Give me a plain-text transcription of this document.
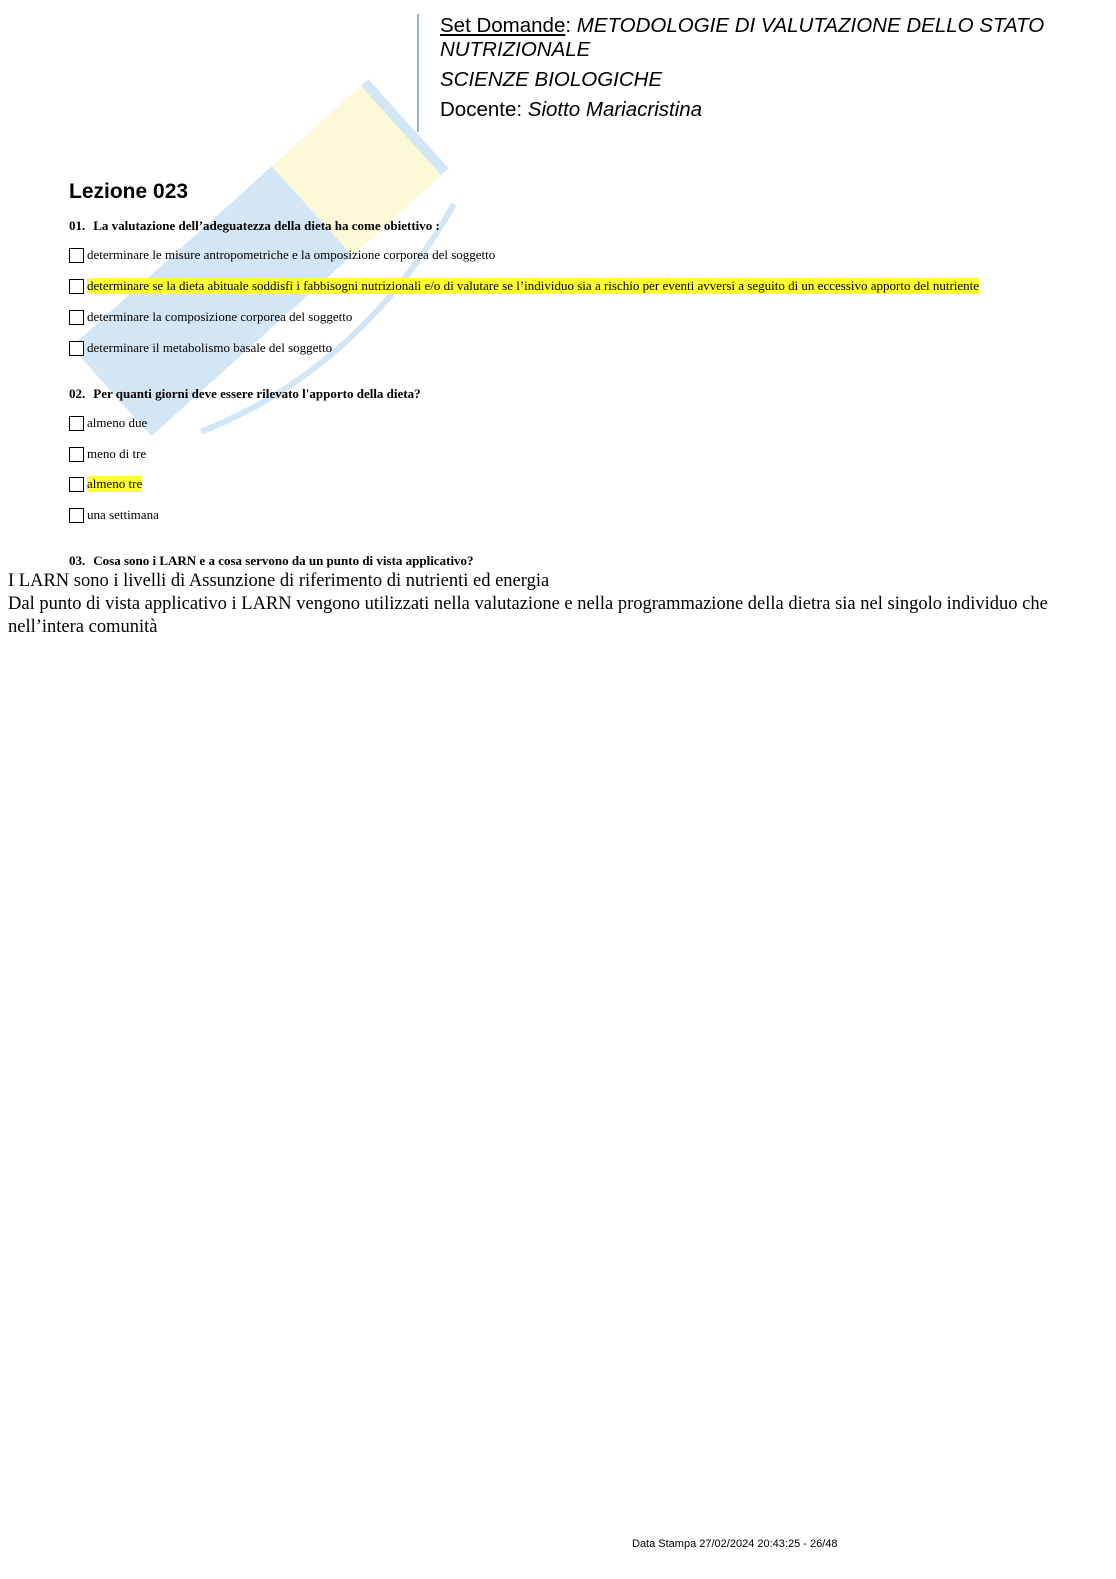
Set Domande: METODOLOGIE DI VALUTAZIONE DELLO STATO

NUTRIZIONALE

SCIENZE BIOLOGICHE

Docente: Siotto Mariacristina

Lezione 023
01. La valutazione dell’adeguatezza della dieta ha come obiettivo :
determinare le misure antropometriche e la omposizione corporea del soggetto
determinare se la dieta abituale soddisfi i fabbisogni nutrizionali e/o di valutare se l’individuo sia a rischio per eventi avversi a seguito di un eccessivo apporto del nutriente
determinare la composizione corporea del soggetto
determinare il metabolismo basale del soggetto
02. Per quanti giorni deve essere rilevato l'apporto della dieta?
almeno due
meno di tre
almeno tre
una settimana
03. Cosa sono i LARN e a cosa servono da un punto di vista applicativo?

I LARN sono i livelli di Assunzione di riferimento di nutrienti ed energia

Dal punto di vista applicativo i LARN vengono utilizzati nella valutazione e nella programmazione della dietra sia nel singolo individuo che nell’intera comunità

Data Stampa 27/02/2024 20:43:25 - 26/48
